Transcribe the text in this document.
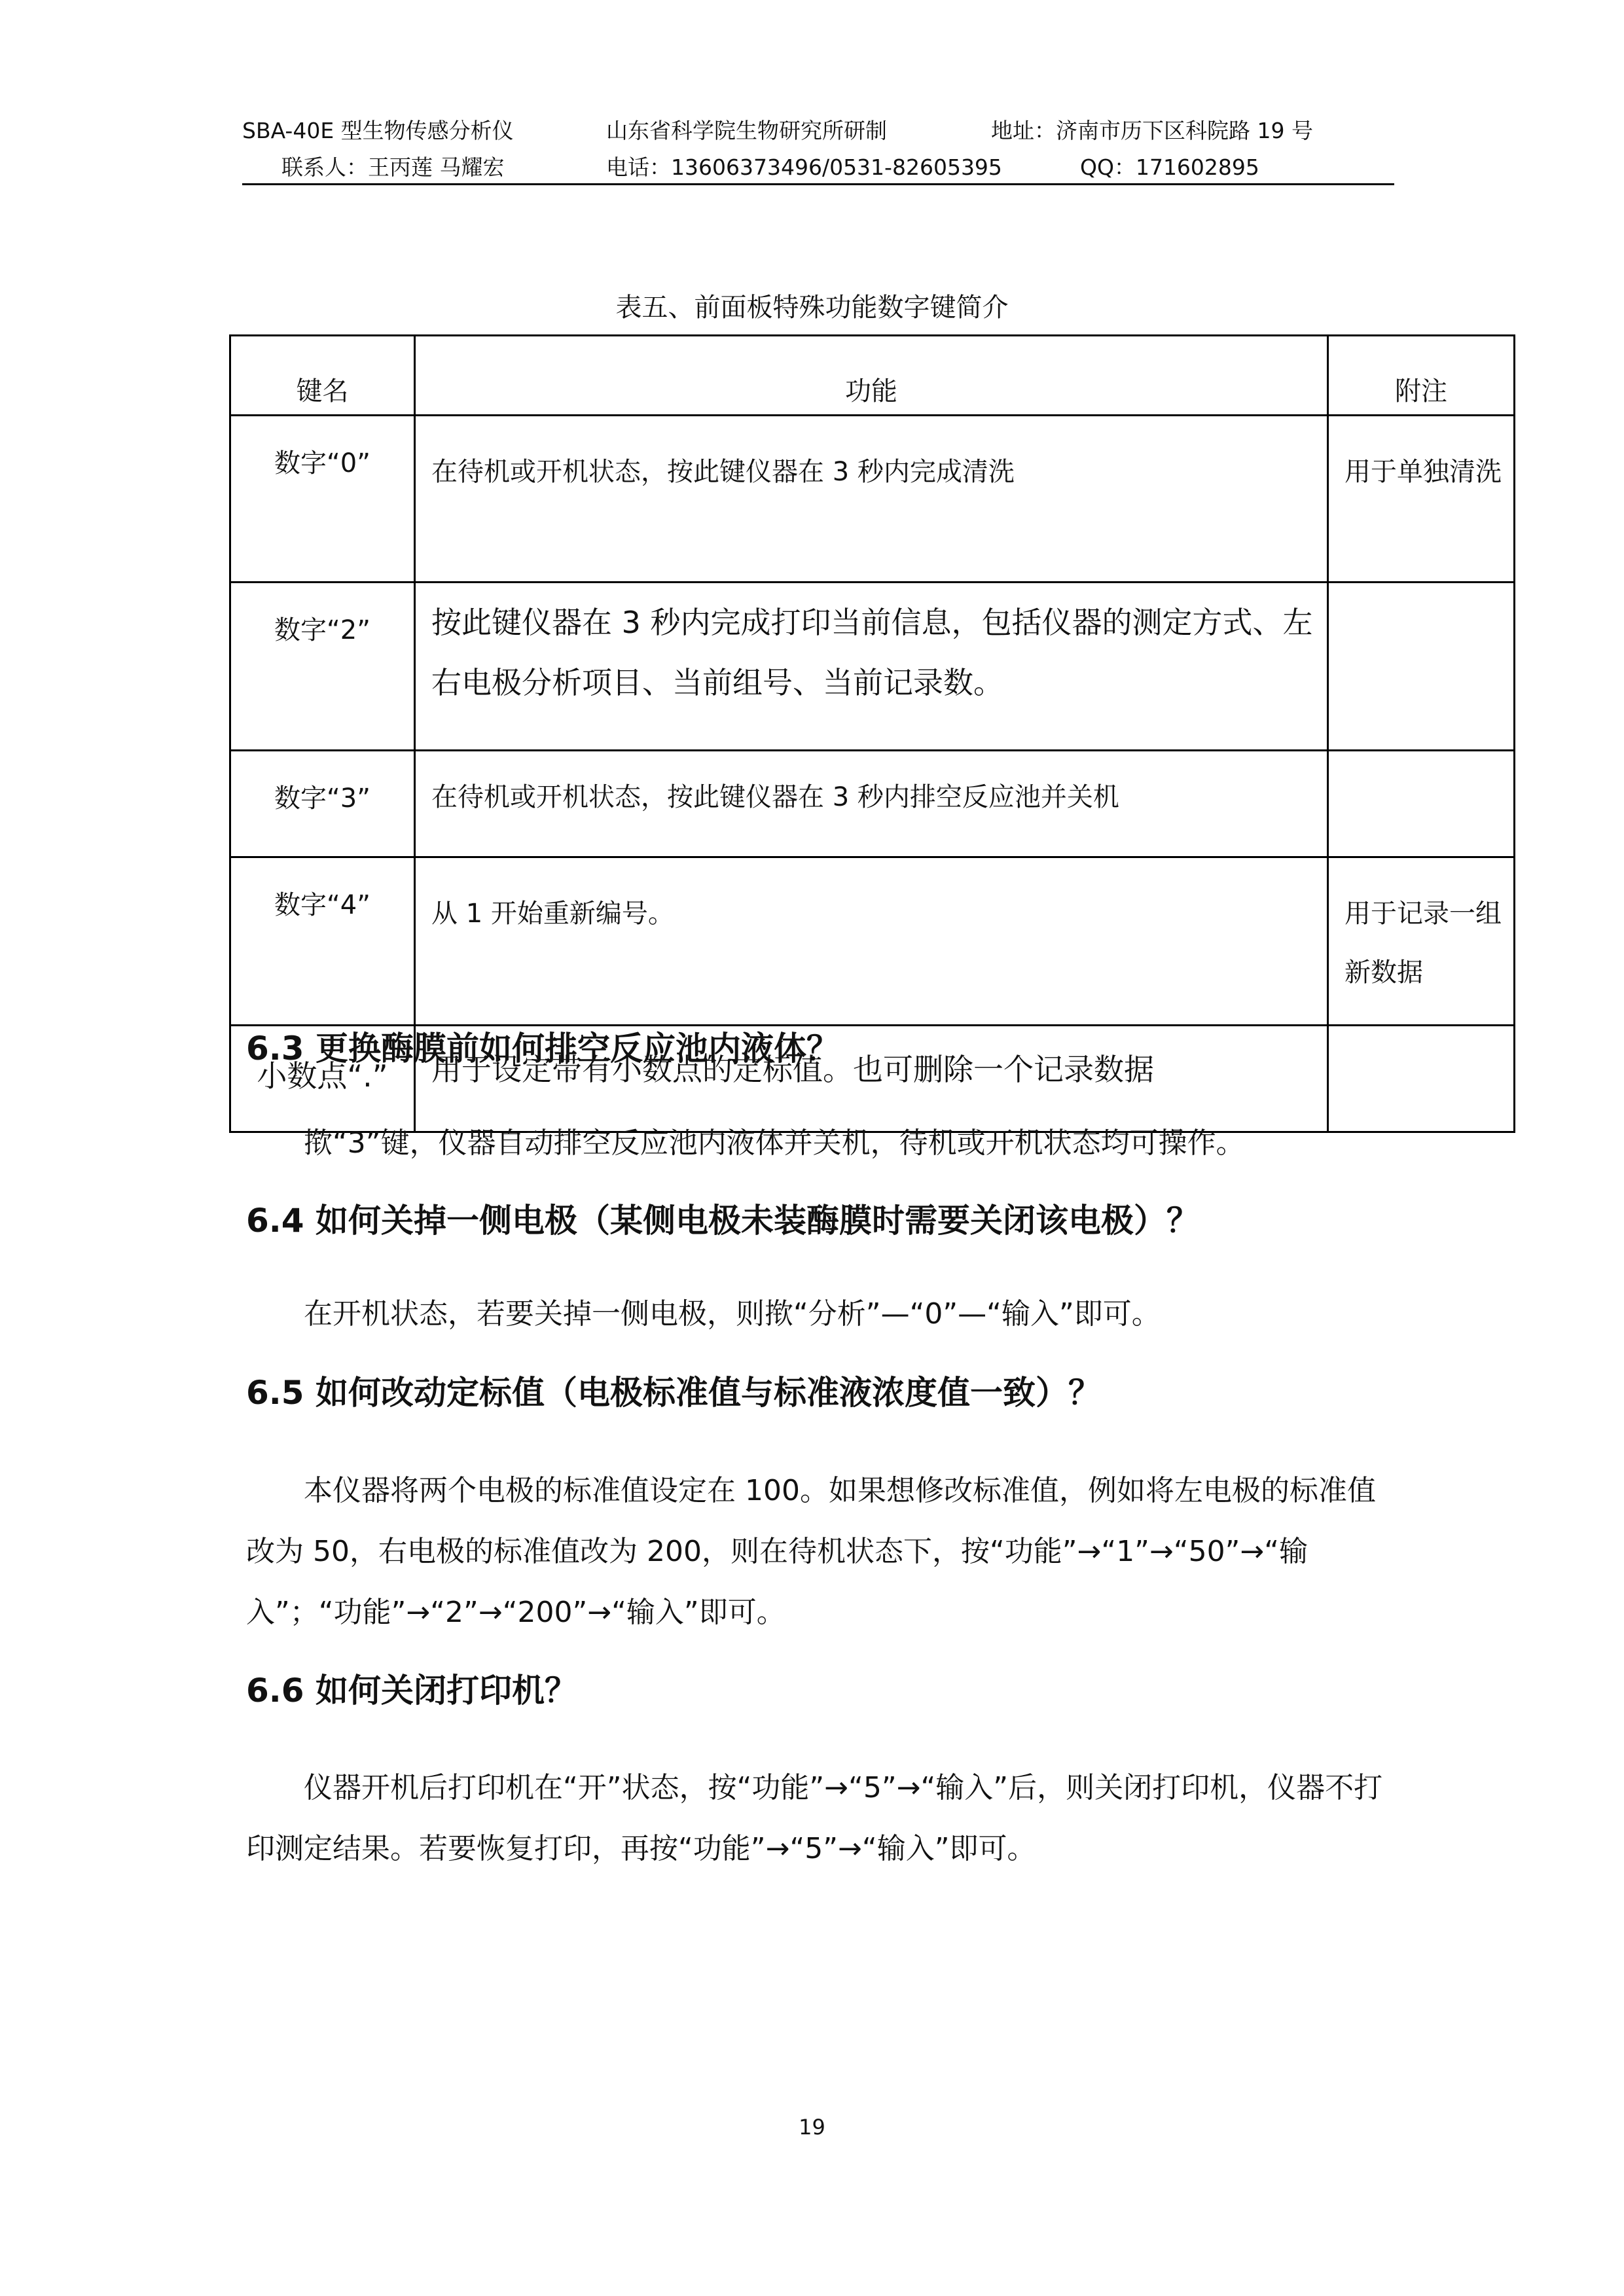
SBA-40E 型生物传感分析仪	山东省科学院生物研究所研制	地址：济南市历下区科院路 19 号
联系人：王丙莲 马耀宏	电话：13606373496/0531-82605395	QQ：171602895
表五、前面板特殊功能数字键简介
键名	功能	附注
数字“0”	在待机或开机状态，按此键仪器在 3 秒内完成清洗	用于单独清洗
数字“2”	按此键仪器在 3 秒内完成打印当前信息，包括仪器的测定方式、左右电极分析项目、当前组号、当前记录数。	
数字“3”	在待机或开机状态，按此键仪器在 3 秒内排空反应池并关机	
数字“4”	从 1 开始重新编号。	用于记录一组新数据
小数点“.”	用于设定带有小数点的定标值。也可删除一个记录数据	
6.3 更换酶膜前如何排空反应池内液体？
揿“3”键，仪器自动排空反应池内液体并关机，待机或开机状态均可操作。
6.4 如何关掉一侧电极（某侧电极未装酶膜时需要关闭该电极）？
在开机状态，若要关掉一侧电极，则揿“分析”—“0”—“输入”即可。
6.5 如何改动定标值（电极标准值与标准液浓度值一致）？
本仪器将两个电极的标准值设定在 100。如果想修改标准值，例如将左电极的标准值改为 50，右电极的标准值改为 200，则在待机状态下，按“功能”→“1”→“50”→“输入”；“功能”→“2”→“200”→“输入”即可。
6.6 如何关闭打印机？
仪器开机后打印机在“开”状态，按“功能”→“5”→“输入”后，则关闭打印机，仪器不打印测定结果。若要恢复打印，再按“功能”→“5”→“输入”即可。
19
